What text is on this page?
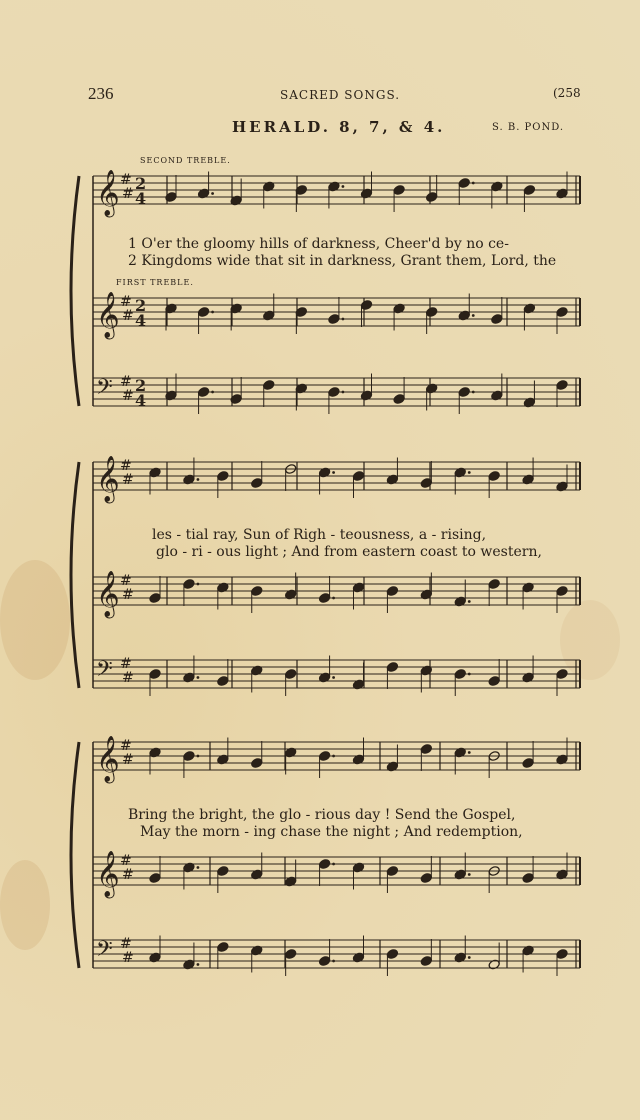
236	SACRED SONGS.	(258
HERALD. 8, 7, & 4.	S. B. POND.
SECOND TREBLE.
FIRST TREBLE.
1 O'er the gloomy hills of darkness, Cheer'd by no ce-
2 Kingdoms wide that sit in darkness, Grant them, Lord, the
les - tial ray, Sun of Righ - teousness, a - rising,
glo - ri - ous light ; And from eastern coast to western,
Bring the bright, the glo - rious day ! Send the Gospel,
May the morn - ing chase the night ; And redemption,
𝄞 #
#
2
4
𝄞 #
#
2
4
𝄢 #
#
2
4
𝄞 #
#
𝄞 #
#
𝄢 #
#
𝄞 #
#
𝄞 #
#
𝄢 #
#
